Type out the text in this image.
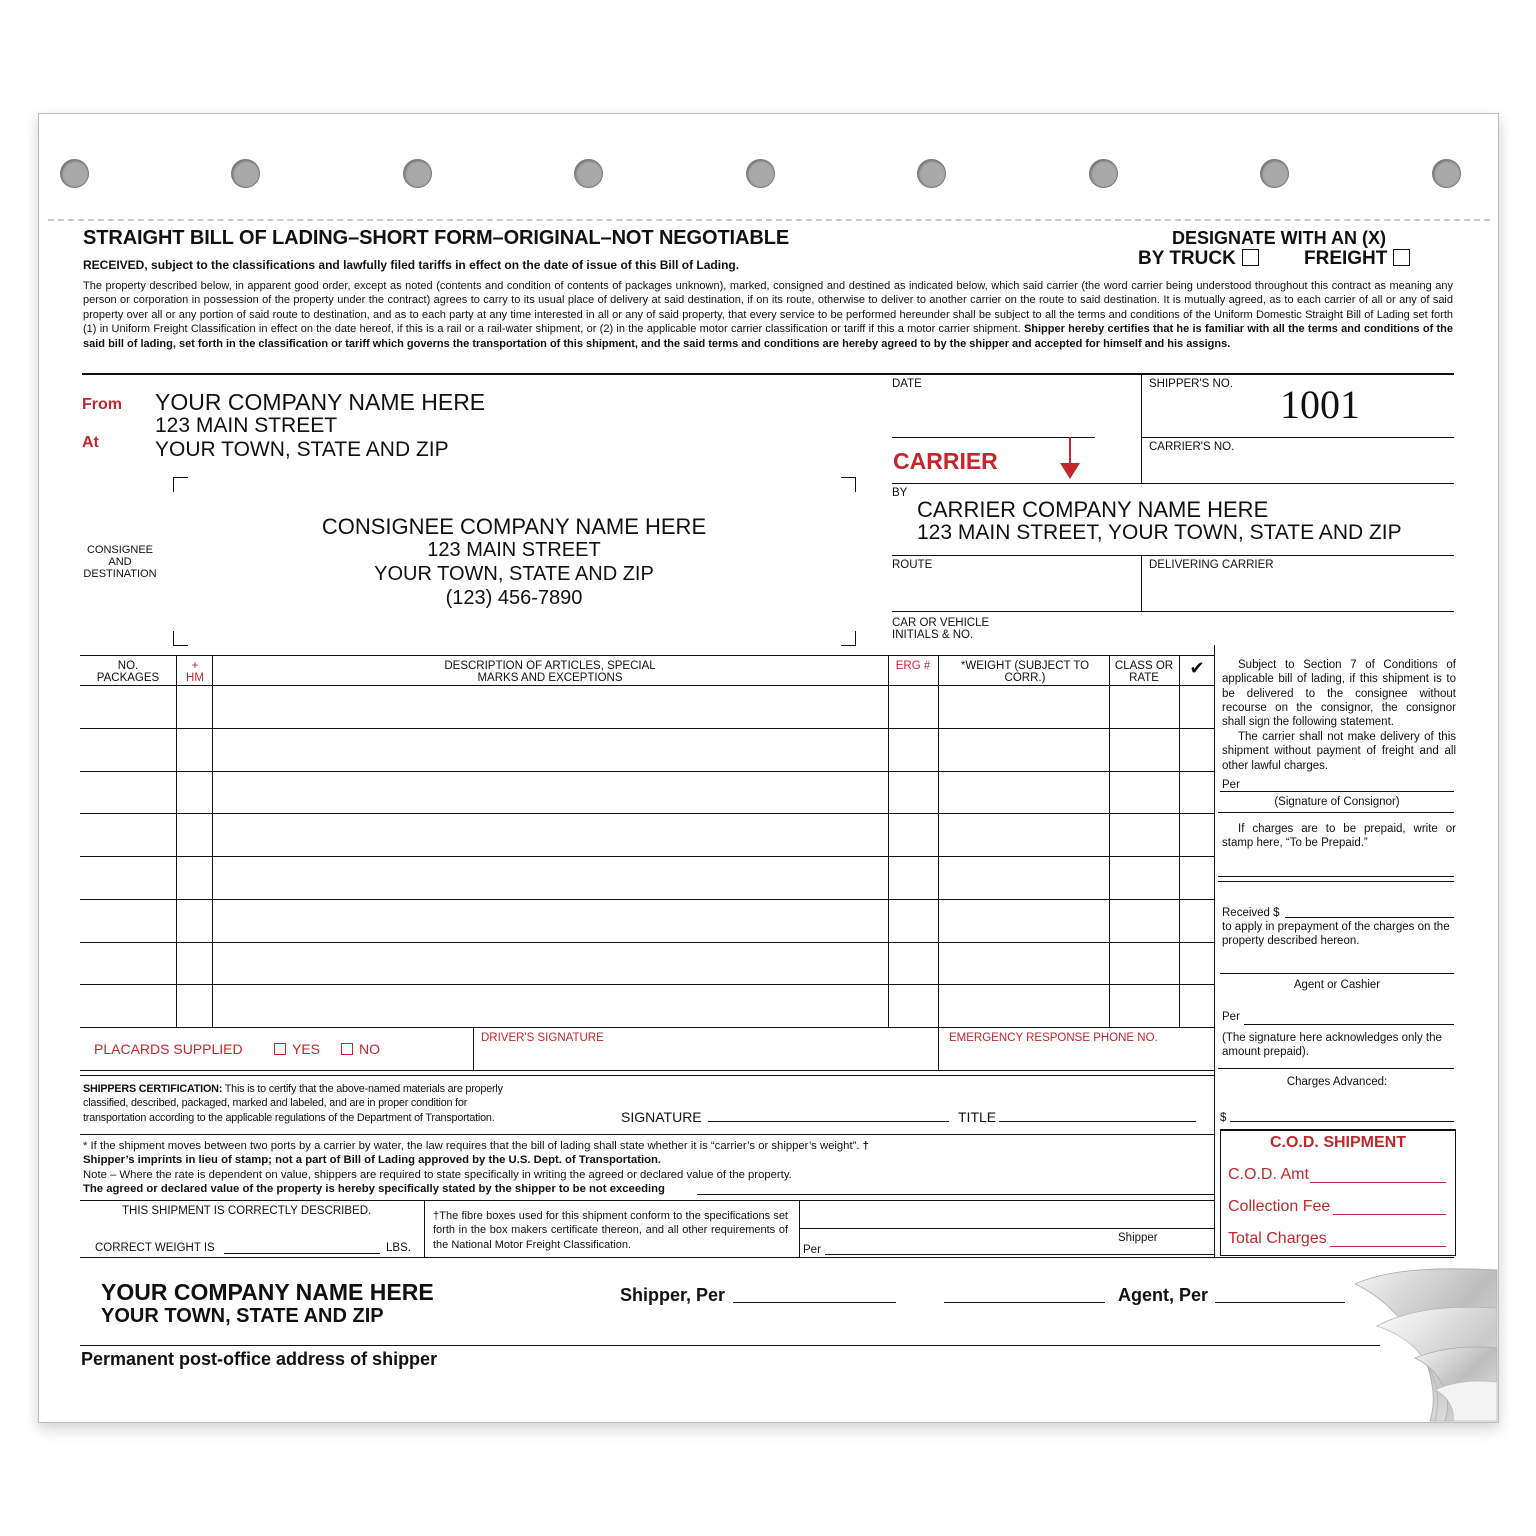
STRAIGHT BILL OF LADING–SHORT FORM–ORIGINAL–NOT NEGOTIABLE
RECEIVED, subject to the classifications and lawfully filed tariffs in effect on the date of issue of this Bill of Lading.
DESIGNATE WITH AN (X)
BY TRUCK	FREIGHT
The property described below, in apparent good order, except as noted (contents and condition of contents of packages unknown), marked, consigned and destined as indicated below, which said carrier (the word carrier being understood throughout this contract as meaning any person or corporation in possession of the property under the contract) agrees to carry to its usual place of delivery at said destination, if on its route, otherwise to deliver to another carrier on the route to said destination. It is mutually agreed, as to each carrier of all or any of said property over all or any portion of said route to destination, and as to each party at any time interested in all or any of said property, that every service to be performed hereunder shall be subject to all the terms and conditions of the Uniform Domestic Straight Bill of Lading set forth (1) in Uniform Freight Classification in effect on the date hereof, if this is a rail or a rail-water shipment, or (2) in the applicable motor carrier classification or tariff if this a motor carrier shipment. Shipper hereby certifies that he is familiar with all the terms and conditions of the said bill of lading, set forth in the classification or tariff which governs the transportation of this shipment, and the said terms and conditions are hereby agreed to by the shipper and accepted for himself and his assigns.
From
At
YOUR COMPANY NAME HERE
123 MAIN STREET
YOUR TOWN, STATE AND ZIP
CONSIGNEE AND DESTINATION
CONSIGNEE COMPANY NAME HERE
123 MAIN STREET
YOUR TOWN, STATE AND ZIP
(123) 456-7890
DATE	SHIPPER'S NO. 1001
CARRIER
CARRIER'S NO.
BY
CARRIER COMPANY NAME HERE
123 MAIN STREET, YOUR TOWN, STATE AND ZIP
ROUTE	DELIVERING CARRIER
CAR OR VEHICLE INITIALS & NO.
NO. PACKAGES
+
HM
DESCRIPTION OF ARTICLES, SPECIAL MARKS AND EXCEPTIONS
ERG #	*WEIGHT (SUBJECT TO CORR.)
CLASS OR RATE	✔	Subject to Section 7 of Conditions of applicable bill of lading, if this shipment is to be delivered to the consignee without recourse on the consignor, the consignor shall sign the following statement.
The carrier shall not make delivery of this shipment without payment of freight and all other lawful charges.
Per
(Signature of Consignor)
If charges are to be prepaid, write or stamp here, “To be Prepaid.”
Received $
to apply in prepayment of the charges on the property described hereon.
Agent or Cashier
Per
(The signature here acknowledges only the amount prepaid).
Charges Advanced:
$
C.O.D. SHIPMENT
C.O.D. Amt
Collection Fee
Total Charges
PLACARDS SUPPLIED	YES	NO
DRIVER'S SIGNATURE	EMERGENCY RESPONSE PHONE NO.
SHIPPERS CERTIFICATION: This is to certify that the above-named materials are properly classified, described, packaged, marked and labeled, and are in proper condition for transportation according to the applicable regulations of the Department of Transportation.	SIGNATURE	TITLE
* If the shipment moves between two ports by a carrier by water, the law requires that the bill of lading shall state whether it is “carrier’s or shipper’s weight”. † Shipper’s imprints in lieu of stamp; not a part of Bill of Lading approved by the U.S. Dept. of Transportation.
Note – Where the rate is dependent on value, shippers are required to state specifically in writing the agreed or declared value of the property.
The agreed or declared value of the property is hereby specifically stated by the shipper to be not exceeding
THIS SHIPMENT IS CORRECTLY DESCRIBED.
CORRECT WEIGHT IS	LBS.
†The fibre boxes used for this shipment conform to the specifications set forth in the box makers certificate thereon, and all other requirements of the National Motor Freight Classification.
Shipper
Per
YOUR COMPANY NAME HERE
YOUR TOWN, STATE AND ZIP
Shipper, Per	Agent, Per
Permanent post-office address of shipper
